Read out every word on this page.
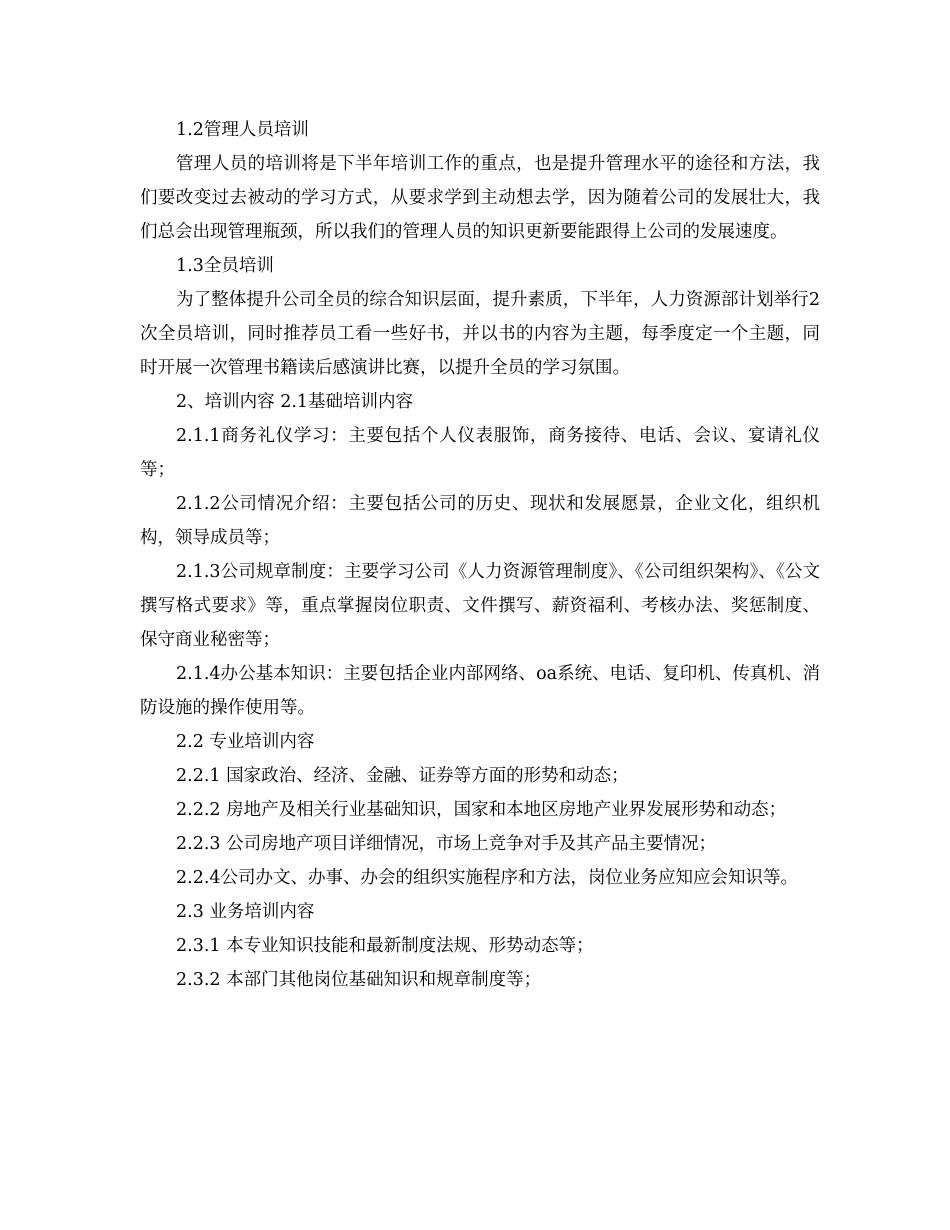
1.2管理人员培训

管理人员的培训将是下半年培训工作的重点，也是提升管理水平的途径和方法，我们要改变过去被动的学习方式，从要求学到主动想去学，因为随着公司的发展壮大，我们总会出现管理瓶颈，所以我们的管理人员的知识更新要能跟得上公司的发展速度。

1.3全员培训

为了整体提升公司全员的综合知识层面，提升素质，下半年，人力资源部计划举行2次全员培训，同时推荐员工看一些好书，并以书的内容为主题，每季度定一个主题，同时开展一次管理书籍读后感演讲比赛，以提升全员的学习氛围。

2、培训内容 2.1基础培训内容

2.1.1商务礼仪学习：主要包括个人仪表服饰，商务接待、电话、会议、宴请礼仪等；

2.1.2公司情况介绍：主要包括公司的历史、现状和发展愿景，企业文化，组织机构，领导成员等；

2.1.3公司规章制度：主要学习公司《人力资源管理制度》、《公司组织架构》、《公文撰写格式要求》等，重点掌握岗位职责、文件撰写、薪资福利、考核办法、奖惩制度、保守商业秘密等；

2.1.4办公基本知识：主要包括企业内部网络、oa系统、电话、复印机、传真机、消防设施的操作使用等。

2.2 专业培训内容

2.2.1 国家政治、经济、金融、证券等方面的形势和动态；

2.2.2 房地产及相关行业基础知识，国家和本地区房地产业界发展形势和动态；

2.2.3 公司房地产项目详细情况，市场上竞争对手及其产品主要情况；

2.2.4公司办文、办事、办会的组织实施程序和方法，岗位业务应知应会知识等。

2.3 业务培训内容

2.3.1 本专业知识技能和最新制度法规、形势动态等；

2.3.2 本部门其他岗位基础知识和规章制度等；
